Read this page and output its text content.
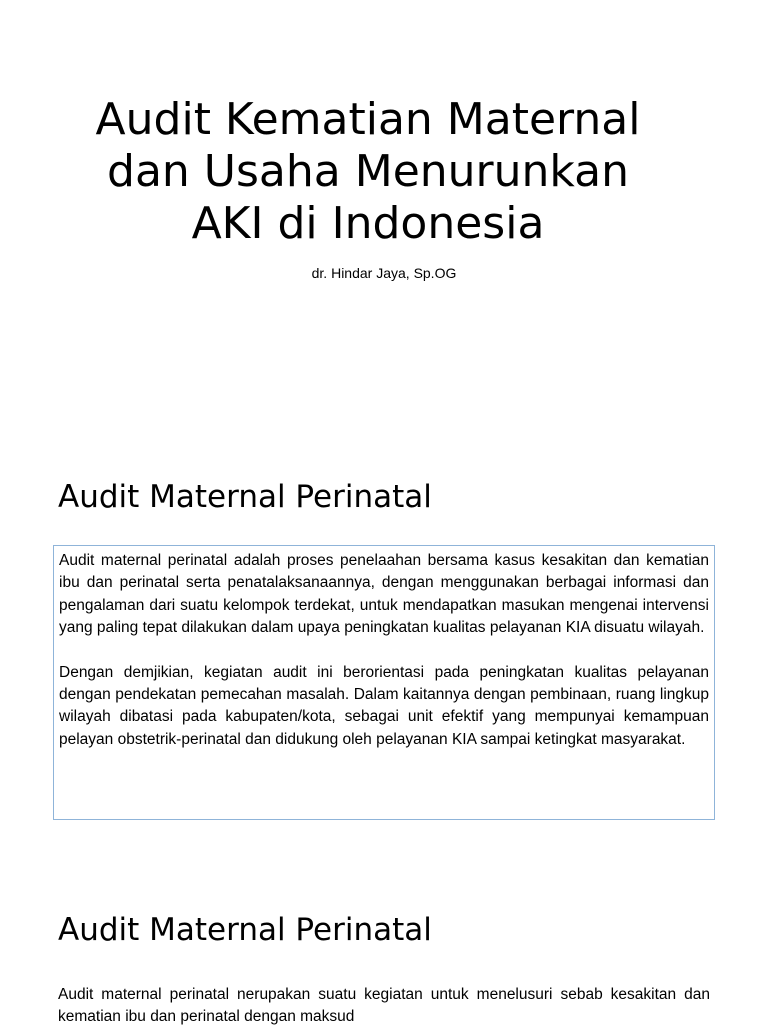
Audit Kematian Maternal
dan Usaha Menurunkan
AKI di Indonesia
dr. Hindar Jaya, Sp.OG
Audit Maternal Perinatal

Audit maternal perinatal adalah proses penelaahan bersama kasus kesakitan dan kematian ibu dan perinatal serta penatalaksanaannya, dengan menggunakan berbagai informasi dan pengalaman dari suatu kelompok terdekat, untuk mendapatkan masukan mengenai intervensi yang paling tepat dilakukan dalam upaya peningkatan kualitas pelayanan KIA disuatu wilayah.

Dengan demjikian, kegiatan audit ini berorientasi pada peningkatan kualitas pelayanan dengan pendekatan pemecahan masalah. Dalam kaitannya dengan pembinaan, ruang lingkup wilayah dibatasi pada kabupaten/kota, sebagai unit efektif yang mempunyai kemampuan pelayan obstetrik-perinatal dan didukung oleh pelayanan KIA sampai ketingkat masyarakat.

Audit Maternal Perinatal

Audit maternal perinatal nerupakan suatu kegiatan untuk menelusuri sebab kesakitan dan kematian ibu dan perinatal dengan maksud
